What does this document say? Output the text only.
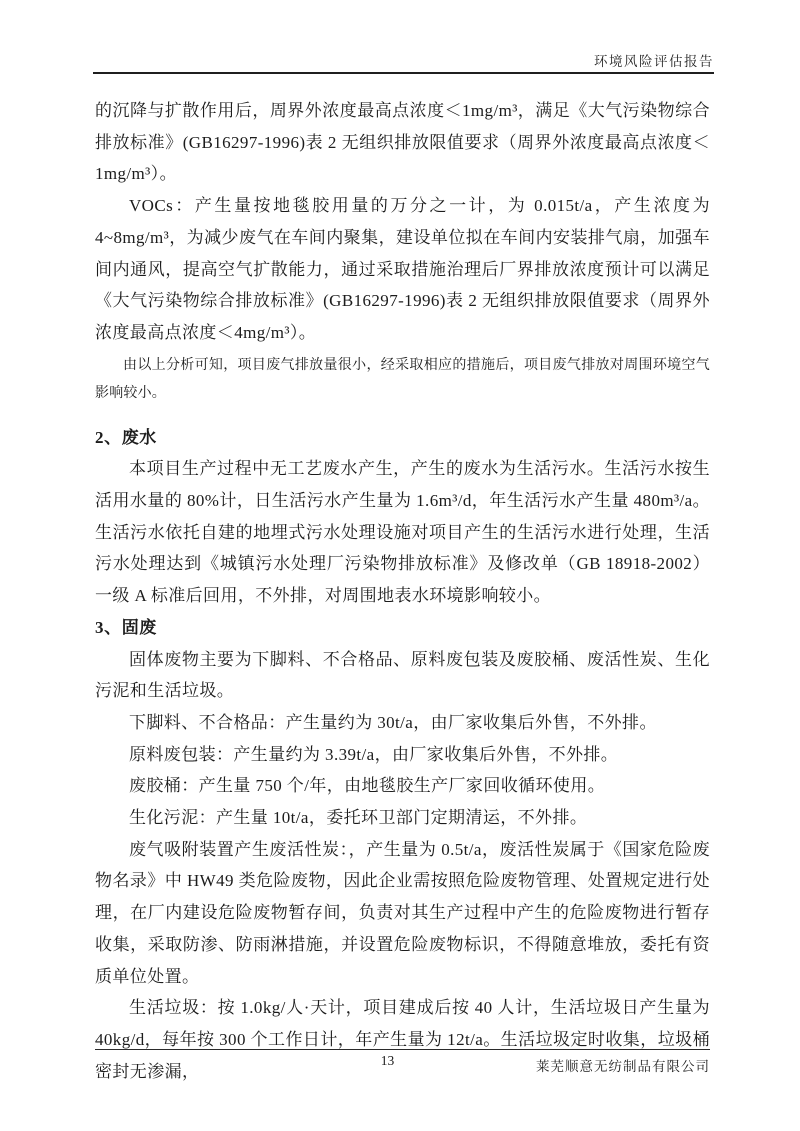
环境风险评估报告

的沉降与扩散作用后，周界外浓度最高点浓度＜1mg/m³，满足《大气污染物综合排放标准》(GB16297-1996)表 2 无组织排放限值要求（周界外浓度最高点浓度＜1mg/m³）。

VOCs：产生量按地毯胶用量的万分之一计，为 0.015t/a，产生浓度为 4~8mg/m³，为减少废气在车间内聚集，建设单位拟在车间内安装排气扇，加强车间内通风，提高空气扩散能力，通过采取措施治理后厂界排放浓度预计可以满足《大气污染物综合排放标准》(GB16297-1996)表 2 无组织排放限值要求（周界外浓度最高点浓度＜4mg/m³）。

由以上分析可知，项目废气排放量很小，经采取相应的措施后，项目废气排放对周围环境空气影响较小。

2、废水

本项目生产过程中无工艺废水产生，产生的废水为生活污水。生活污水按生活用水量的 80%计，日生活污水产生量为 1.6m³/d，年生活污水产生量 480m³/a。生活污水依托自建的地埋式污水处理设施对项目产生的生活污水进行处理，生活污水处理达到《城镇污水处理厂污染物排放标准》及修改单（GB 18918-2002）一级 A 标准后回用，不外排，对周围地表水环境影响较小。

3、固废

固体废物主要为下脚料、不合格品、原料废包装及废胶桶、废活性炭、生化污泥和生活垃圾。

下脚料、不合格品：产生量约为 30t/a，由厂家收集后外售，不外排。

原料废包装：产生量约为 3.39t/a，由厂家收集后外售，不外排。

废胶桶：产生量 750 个/年，由地毯胶生产厂家回收循环使用。

生化污泥：产生量 10t/a，委托环卫部门定期清运，不外排。

废气吸附装置产生废活性炭：，产生量为 0.5t/a，废活性炭属于《国家危险废物名录》中 HW49 类危险废物，因此企业需按照危险废物管理、处置规定进行处理，在厂内建设危险废物暂存间，负责对其生产过程中产生的危险废物进行暂存收集，采取防渗、防雨淋措施，并设置危险废物标识，不得随意堆放，委托有资质单位处置。

生活垃圾：按 1.0kg/人·天计，项目建成后按 40 人计，生活垃圾日产生量为 40kg/d，每年按 300 个工作日计，年产生量为 12t/a。生活垃圾定时收集，垃圾桶密封无渗漏，

13	莱芜顺意无纺制品有限公司
